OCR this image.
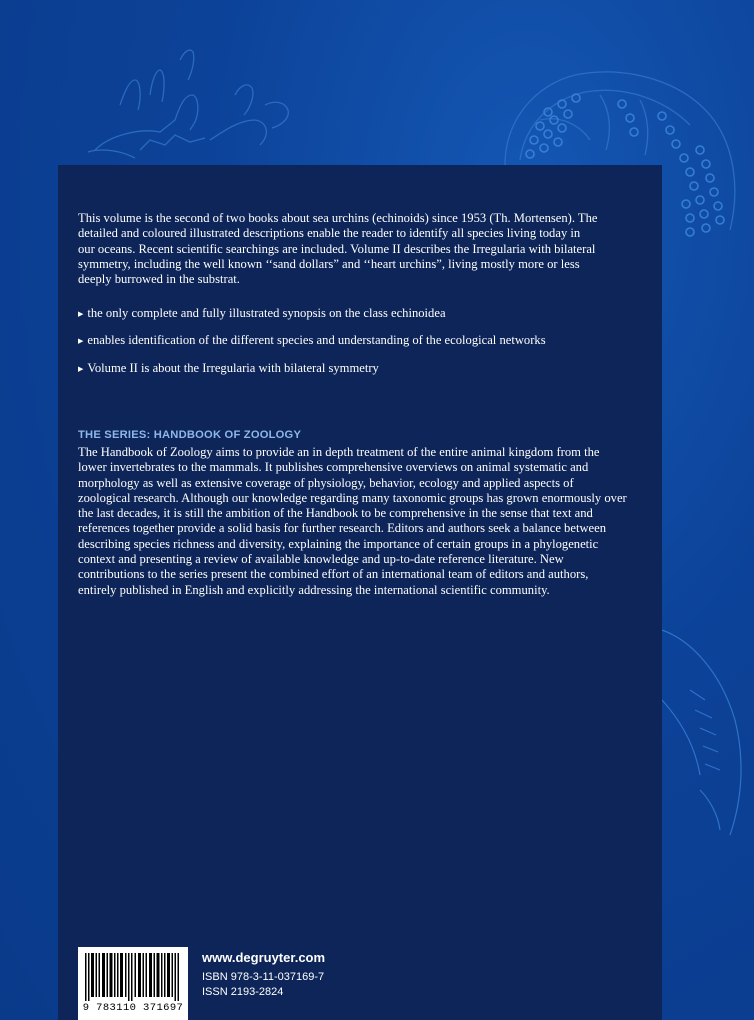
This volume is the second of two books about sea urchins (echinoids) since 1953 (Th. Mortensen). The detailed and coloured illustrated descriptions enable the reader to identify all species living today in our oceans. Recent scientific searchings are included. Volume II describes the Irregularia with bilateral symmetry, including the well known ‘‘sand dollars” and ‘‘heart urchins”, living mostly more or less deeply burrowed in the substrat.

▶ the only complete and fully illustrated synopsis on the class echinoidea
▶ enables identification of the different species and understanding of the ecological networks
▶ Volume II is about the Irregularia with bilateral symmetry
THE SERIES: HANDBOOK OF ZOOLOGY

The Handbook of Zoology aims to provide an in depth treatment of the entire animal kingdom from the lower invertebrates to the mammals. It publishes comprehensive overviews on animal systematic and morphology as well as extensive coverage of physiology, behavior, ecology and applied aspects of zoological research. Although our knowledge regarding many taxonomic groups has grown enormously over the last decades, it is still the ambition of the Handbook to be comprehensive in the sense that text and references together provide a solid basis for further research. Editors and authors seek a balance between describing species richness and diversity, explaining the importance of certain groups in a phylogenetic context and presenting a review of available knowledge and up-to-date reference literature. New contributions to the series present the combined effort of an international team of editors and authors, entirely published in English and explicitly addressing the international scientific community.

9 783110 371697
www.degruyter.com
ISBN 978-3-11-037169-7
ISSN 2193-2824
